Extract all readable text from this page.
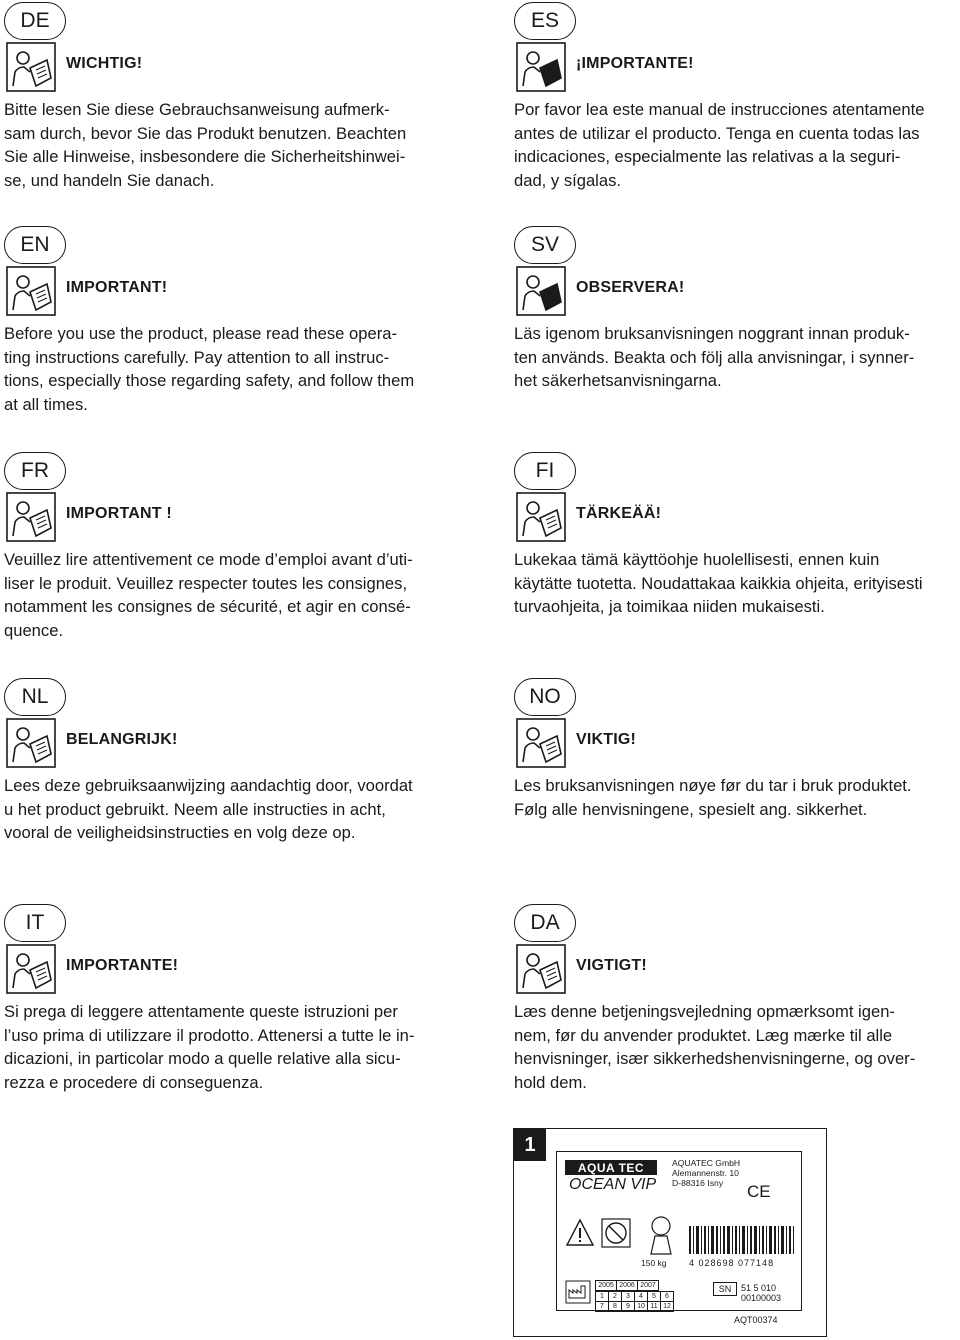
DE
WICHTIG!

Bitte lesen Sie diese Gebrauchsanweisung aufmerk-
sam durch, bevor Sie das Produkt benutzen. Beachten
Sie alle Hinweise, insbesondere die Sicherheitshinwei-
se, und handeln Sie danach.

EN
IMPORTANT!

Before you use the product, please read these opera-
ting instructions carefully. Pay attention to all instruc-
tions, especially those regarding safety, and follow them
at all times.

FR
IMPORTANT !

Veuillez lire attentivement ce mode d’emploi avant d’uti-
liser le produit. Veuillez respecter toutes les consignes,
notamment les consignes de sécurité, et agir en consé-
quence.

NL
BELANGRIJK!

Lees deze gebruiksaanwijzing aandachtig door, voordat
u het product gebruikt. Neem alle instructies in acht,
vooral de veiligheidsinstructies en volg deze op.

IT
IMPORTANTE!

Si prega di leggere attentamente queste istruzioni per
l’uso prima di utilizzare il prodotto. Attenersi a tutte le in-
dicazioni, in particolar modo a quelle relative alla sicu-
rezza e procedere di conseguenza.

ES
¡IMPORTANTE!

Por favor lea este manual de instrucciones atentamente
antes de utilizar el producto. Tenga en cuenta todas las
indicaciones, especialmente las relativas a la seguri-
dad, y sígalas.

SV
OBSERVERA!

Läs igenom bruksanvisningen noggrant innan produk-
ten används. Beakta och följ alla anvisningar, i synner-
het säkerhetsanvisningarna.

FI
TÄRKEÄÄ!

Lukekaa tämä käyttöohje huolellisesti, ennen kuin
käytätte tuotetta. Noudattakaa kaikkia ohjeita, erityisesti
turvaohjeita, ja toimikaa niiden mukaisesti.

NO
VIKTIG!

Les bruksanvisningen nøye før du tar i bruk produktet.
Følg alle henvisningene, spesielt ang. sikkerhet.

DA
VIGTIGT!

Læs denne betjeningsvejledning opmærksomt igen-
nem, før du anvender produktet. Læg mærke til alle
henvisninger, især sikkerhedshenvisningerne, og over-
hold dem.

1
AQUA TEC
OCEAN VIP
AQUATEC GmbH
Alemannenstr. 10
D-88316 Isny	CE
150 kg 4 028698 077148
2005	2006	2007
1	2	3	4	5	6
7	8	9	10	11	12
SN	51 5 010 00100003
AQT00374
